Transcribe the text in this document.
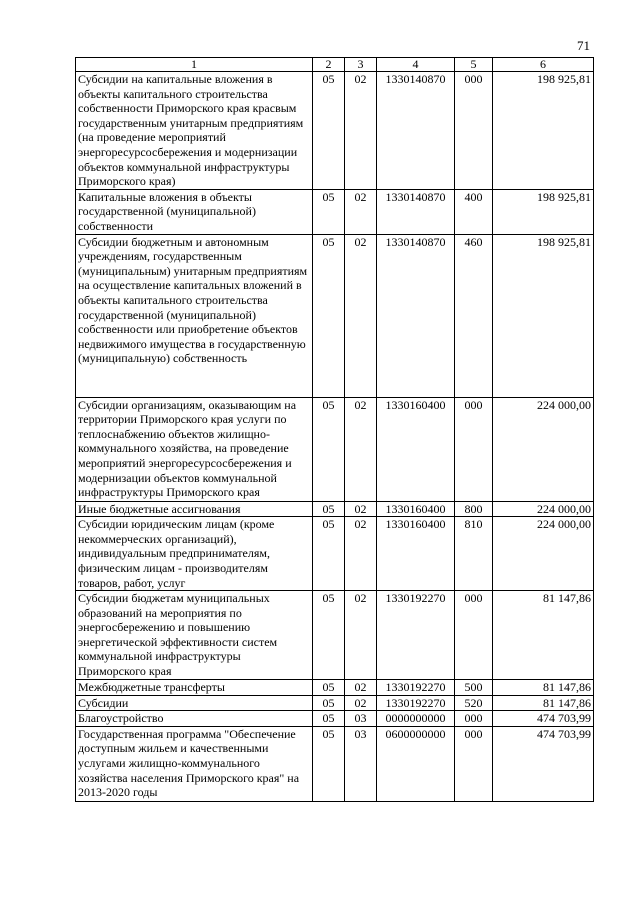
71
1	2	3	4	5	6
Субсидии на капитальные вложения в объекты капитального строительства собственности Приморского края красвым государственным унитарным предприятиям (на проведение мероприятий энергоресурсосбережения и модернизации объектов коммунальной инфраструктуры Приморского края)	05	02	1330140870	000	198 925,81
Капитальные вложения в объекты государственной (муниципальной) собственности	05	02	1330140870	400	198 925,81
Субсидии бюджетным и автономным учреждениям, государственным (муниципальным) унитарным предприятиям на осуществление капитальных вложений в объекты капитального строительства государственной (муниципальной) собственности или приобретение объектов недвижимого имущества в государственную (муниципальную) собственность	05	02	1330140870	460	198 925,81
Субсидии организациям, оказывающим на территории Приморского края услуги по теплоснабжению объектов жилищно-коммунального хозяйства, на проведение мероприятий энергоресурсосбережения и модернизации объектов коммунальной инфраструктуры Приморского края	05	02	1330160400	000	224 000,00
Иные бюджетные ассигнования	05	02	1330160400	800	224 000,00
Субсидии юридическим лицам (кроме некоммерческих организаций), индивидуальным предпринимателям, физическим лицам - производителям товаров, работ, услуг	05	02	1330160400	810	224 000,00
Субсидии бюджетам муниципальных образований на мероприятия по энергосбережению и повышению энергетической эффективности систем коммунальной инфраструктуры Приморского края	05	02	1330192270	000	81 147,86
Межбюджетные трансферты	05	02	1330192270	500	81 147,86
Субсидии	05	02	1330192270	520	81 147,86
Благоустройство	05	03	0000000000	000	474 703,99
Государственная программа "Обеспечение доступным жильем и качественными услугами жилищно-коммунального хозяйства населения Приморского края" на 2013-2020 годы	05	03	0600000000	000	474 703,99
